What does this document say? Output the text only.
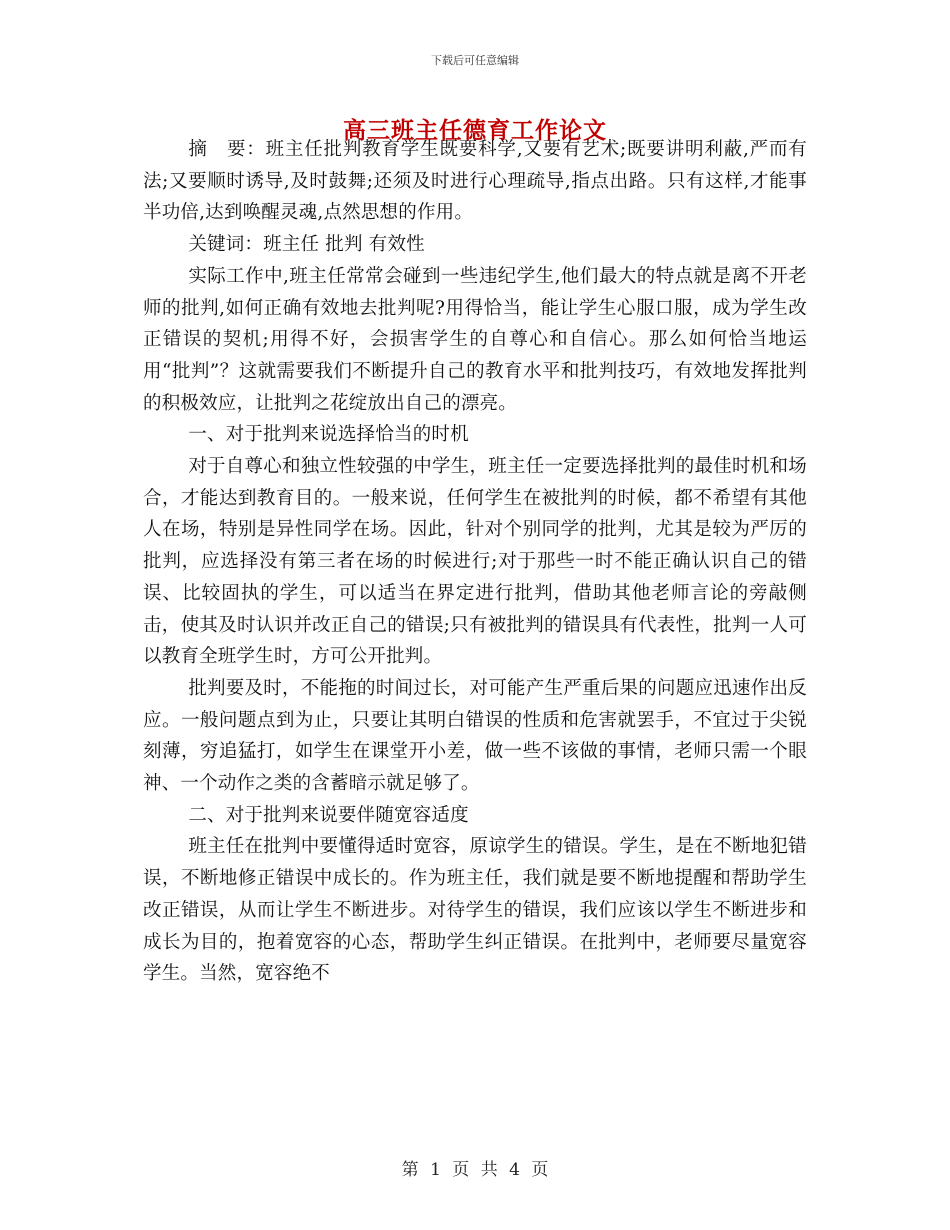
下载后可任意编辑
高三班主任德育工作论文

摘　要：班主任批判教育学生既要科学,又要有艺术;既要讲明利蔽,严而有法;又要顺时诱导,及时鼓舞;还须及时进行心理疏导,指点出路。只有这样,才能事半功倍,达到唤醒灵魂,点然思想的作用。

关键词：班主任 批判 有效性

实际工作中,班主任常常会碰到一些违纪学生,他们最大的特点就是离不开老师的批判,如何正确有效地去批判呢?用得恰当，能让学生心服口服，成为学生改正错误的契机;用得不好，会损害学生的自尊心和自信心。那么如何恰当地运用“批判”？这就需要我们不断提升自己的教育水平和批判技巧，有效地发挥批判的积极效应，让批判之花绽放出自己的漂亮。

一、对于批判来说选择恰当的时机

对于自尊心和独立性较强的中学生，班主任一定要选择批判的最佳时机和场合，才能达到教育目的。一般来说，任何学生在被批判的时候，都不希望有其他人在场，特别是异性同学在场。因此，针对个别同学的批判，尤其是较为严厉的批判，应选择没有第三者在场的时候进行;对于那些一时不能正确认识自己的错误、比较固执的学生，可以适当在界定进行批判，借助其他老师言论的旁敲侧击，使其及时认识并改正自己的错误;只有被批判的错误具有代表性，批判一人可以教育全班学生时，方可公开批判。

批判要及时，不能拖的时间过长，对可能产生严重后果的问题应迅速作出反应。一般问题点到为止，只要让其明白错误的性质和危害就罢手，不宜过于尖锐刻薄，穷追猛打，如学生在课堂开小差，做一些不该做的事情，老师只需一个眼神、一个动作之类的含蓄暗示就足够了。

二、对于批判来说要伴随宽容适度

班主任在批判中要懂得适时宽容，原谅学生的错误。学生，是在不断地犯错误，不断地修正错误中成长的。作为班主任，我们就是要不断地提醒和帮助学生改正错误，从而让学生不断进步。对待学生的错误，我们应该以学生不断进步和成长为目的，抱着宽容的心态，帮助学生纠正错误。在批判中，老师要尽量宽容学生。当然，宽容绝不

第 1 页 共 4 页
